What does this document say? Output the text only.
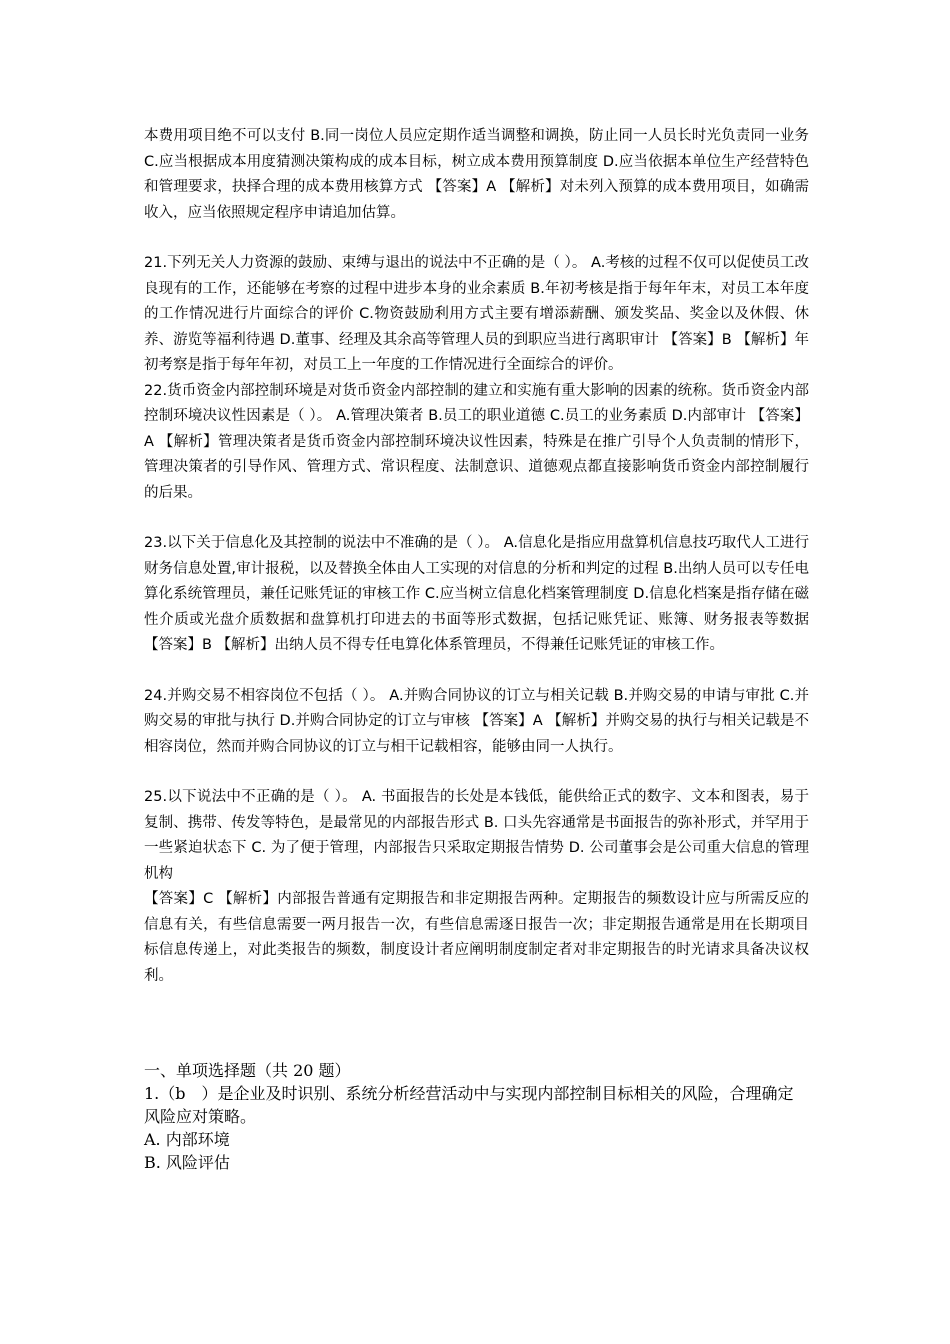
本费用项目绝不可以支付 B.同一岗位人员应定期作适当调整和调换，防止同一人员长时光负责同一业务 C.应当根据成本用度猜测决策构成的成本目标，树立成本费用预算制度 D.应当依据本单位生产经营特色和管理要求，抉择合理的成本费用核算方式 【答案】A 【解析】对未列入预算的成本费用项目，如确需收入，应当依照规定程序申请追加估算。

21.下列无关人力资源的鼓励、束缚与退出的说法中不正确的是（ ）。 A.考核的过程不仅可以促使员工改良现有的工作，还能够在考察的过程中进步本身的业余素质 B.年初考核是指于每年年末，对员工本年度的工作情况进行片面综合的评价 C.物资鼓励利用方式主要有增添薪酬、颁发奖品、奖金以及休假、休养、游览等福利待遇 D.董事、经理及其余高等管理人员的到职应当进行离职审计 【答案】B 【解析】年初考察是指于每年年初，对员工上一年度的工作情况进行全面综合的评价。

22.货币资金内部控制环境是对货币资金内部控制的建立和实施有重大影响的因素的统称。货币资金内部控制环境决议性因素是（ ）。 A.管理决策者 B.员工的职业道德 C.员工的业务素质 D.内部审计 【答案】A 【解析】管理决策者是货币资金内部控制环境决议性因素，特殊是在推广引导个人负责制的情形下，管理决策者的引导作风、管理方式、常识程度、法制意识、道德观点都直接影响货币资金内部控制履行的后果。

23.以下关于信息化及其控制的说法中不准确的是（ ）。 A.信息化是指应用盘算机信息技巧取代人工进行财务信息处置,审计报税，以及替换全体由人工实现的对信息的分析和判定的过程 B.出纳人员可以专任电算化系统管理员，兼任记账凭证的审核工作 C.应当树立信息化档案管理制度 D.信息化档案是指存储在磁性介质或光盘介质数据和盘算机打印进去的书面等形式数据，包括记账凭证、账簿、财务报表等数据 【答案】B 【解析】出纳人员不得专任电算化体系管理员，不得兼任记账凭证的审核工作。

24.并购交易不相容岗位不包括（ ）。 A.并购合同协议的订立与相关记载 B.并购交易的申请与审批 C.并购交易的审批与执行 D.并购合同协定的订立与审核 【答案】A 【解析】并购交易的执行与相关记载是不相容岗位，然而并购合同协议的订立与相干记载相容，能够由同一人执行。

25.以下说法中不正确的是（ ）。 A. 书面报告的长处是本钱低，能供给正式的数字、文本和图表，易于复制、携带、传发等特色，是最常见的内部报告形式 B. 口头先容通常是书面报告的弥补形式，并罕用于一些紧迫状态下 C. 为了便于管理，内部报告只采取定期报告情势 D. 公司董事会是公司重大信息的管理机构

【答案】C 【解析】内部报告普通有定期报告和非定期报告两种。定期报告的频数设计应与所需反应的信息有关，有些信息需要一两月报告一次，有些信息需逐日报告一次；非定期报告通常是用在长期项目标信息传递上，对此类报告的频数，制度设计者应阐明制度制定者对非定期报告的时光请求具备决议权利。

一、单项选择题（共 20 题）

1.（b　）是企业及时识别、系统分析经营活动中与实现内部控制目标相关的风险，合理确定风险应对策略。

A. 内部环境

B. 风险评估
